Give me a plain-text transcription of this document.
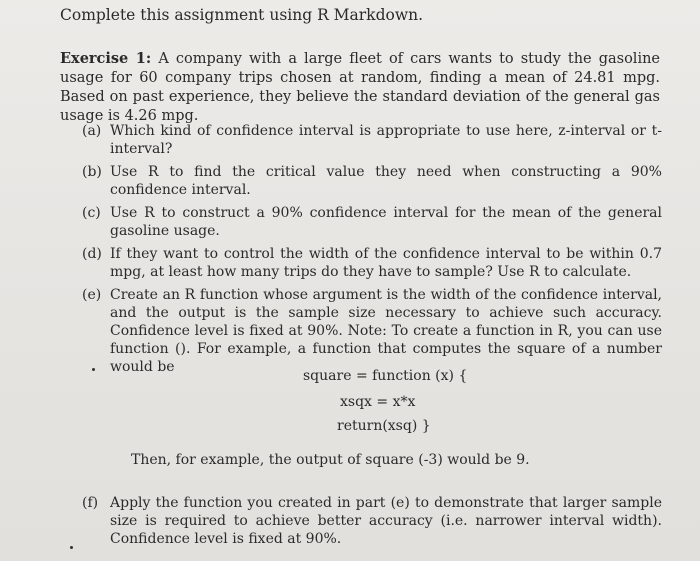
Complete this assignment using R Markdown.
Exercise 1: A company with a large fleet of cars wants to study the gasoline usage for 60 company trips chosen at random, finding a mean of 24.81 mpg. Based on past experience, they believe the standard deviation of the general gas usage is 4.26 mpg.
(a) Which kind of confidence interval is appropriate to use here, z-interval or t-interval?
(b) Use R to find the critical value they need when constructing a 90% confidence interval.
(c) Use R to construct a 90% confidence interval for the mean of the general gasoline usage.
(d) If they want to control the width of the confidence interval to be within 0.7 mpg, at least how many trips do they have to sample? Use R to calculate.
(e) Create an R function whose argument is the width of the confidence interval, and the output is the sample size necessary to achieve such accuracy. Confidence level is fixed at 90%. Note: To create a function in R, you can use function (). For example, a function that computes the square of a number would be
square = function (x) {
xsqx = x*x
return(xsq) }
Then, for example, the output of square (-3) would be 9.
(f) Apply the function you created in part (e) to demonstrate that larger sample size is required to achieve better accuracy (i.e. narrower interval width). Confidence level is fixed at 90%.
